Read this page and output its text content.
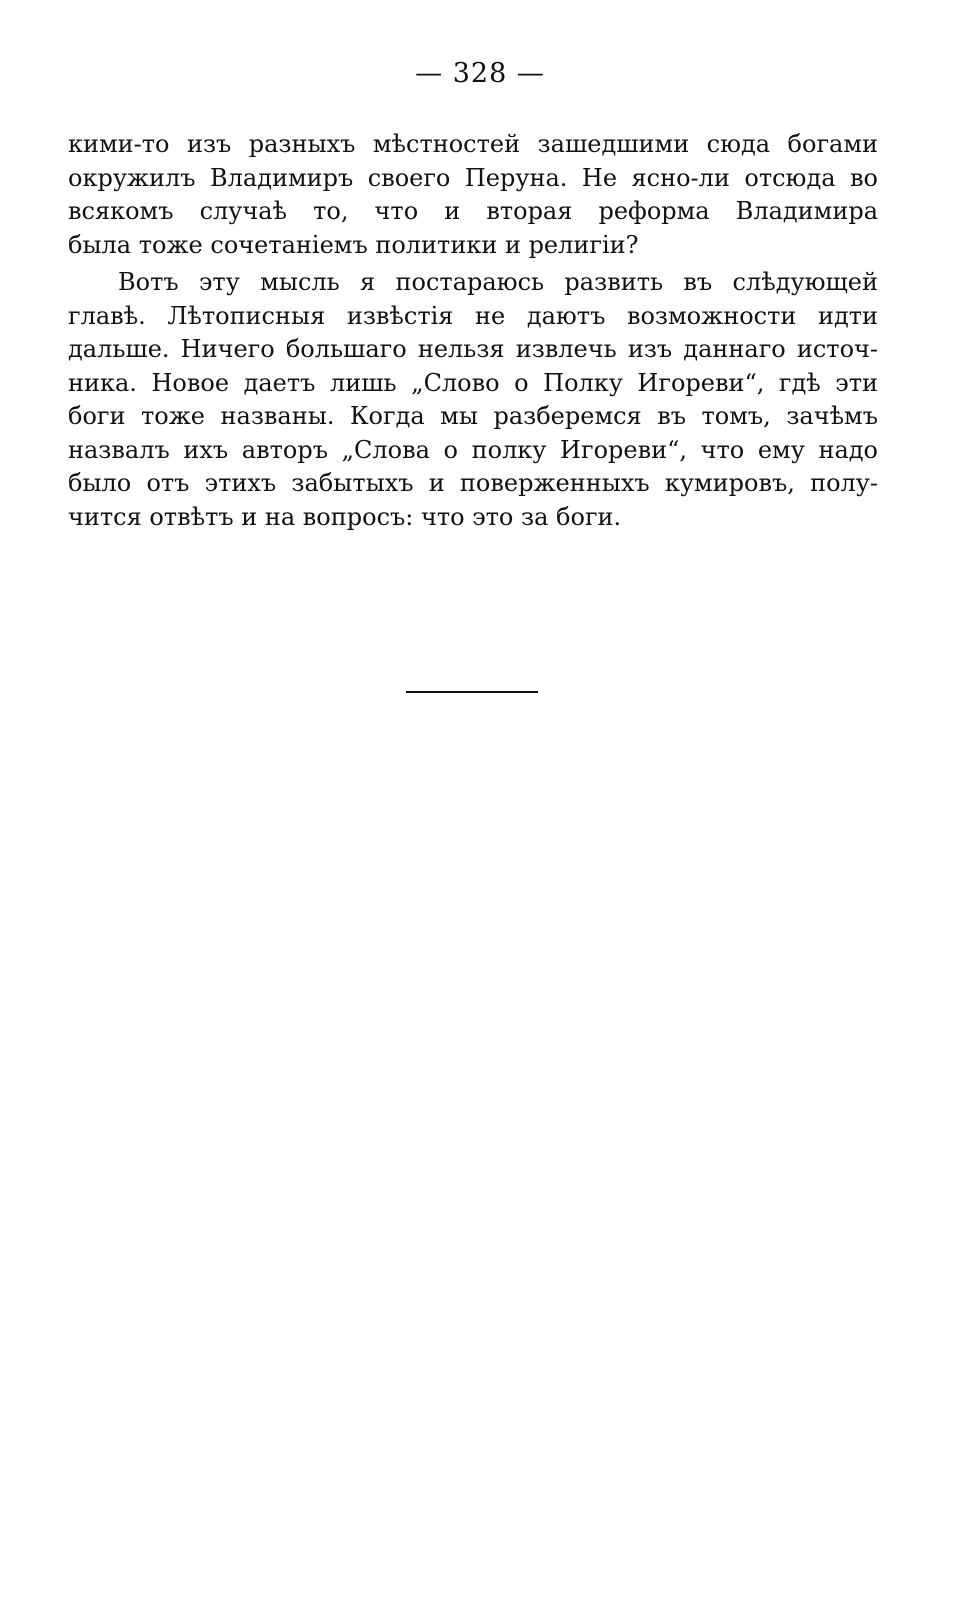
— 328 —
кими-то изъ разныхъ мѣстностей зашедшими сюда богами
окружилъ Владимиръ своего Перуна. Не ясно-ли отсюда во
всякомъ случаѣ то, что и вторая реформа Владимира
была тоже сочетаніемъ политики и религіи?
Вотъ эту мысль я постараюсь развить въ слѣдующей
главѣ. Лѣтописныя извѣстія не даютъ возможности идти
дальше. Ничего большаго нельзя извлечь изъ даннаго источ-
ника. Новое даетъ лишь „Слово о Полку Игореви“, гдѣ эти
боги тоже названы. Когда мы разберемся въ томъ, зачѣмъ
назвалъ ихъ авторъ „Слова о полку Игореви“, что ему надо
было отъ этихъ забытыхъ и поверженныхъ кумировъ, полу-
чится отвѣтъ и на вопросъ: что это за боги.
